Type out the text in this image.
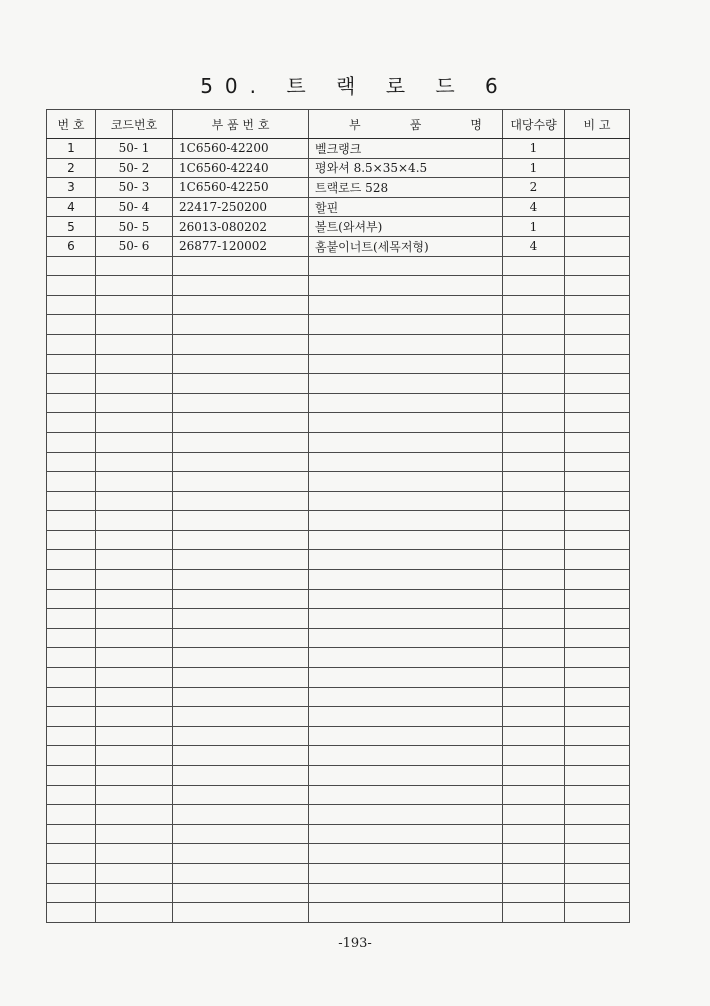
50. 트 랙 로 드 6
번 호	코드번호	부 품 번 호	부 품 명	대당수량	비 고
1	50- 1	1C6560-42200	벨크랭크	1	
2	50- 2	1C6560-42240	평와셔 8.5×35×4.5	1	
3	50- 3	1C6560-42250	트랙로드 528	2	
4	50- 4	22417-250200	할핀	4	
5	50- 5	26013-080202	볼트(와셔부)	1	
6	50- 6	26877-120002	홈붙이너트(세목저형)	4	

-193-
